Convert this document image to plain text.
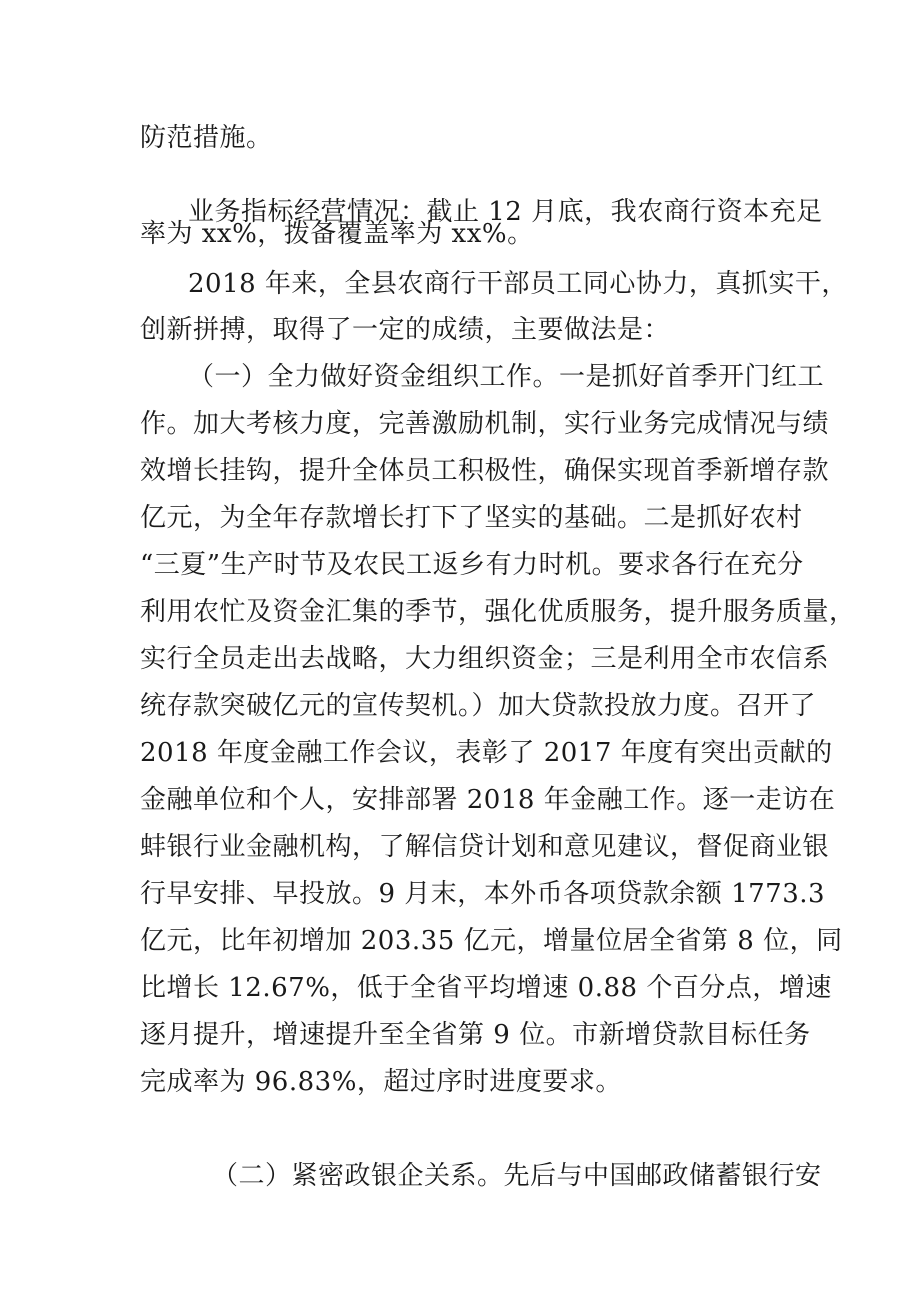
防范措施。
业务指标经营情况：截止 12 月底，我农商行资本充足
率为 xx%，拨备覆盖率为 xx%。
2018 年来，全县农商行干部员工同心协力，真抓实干，
创新拼搏，取得了一定的成绩，主要做法是：
（一）全力做好资金组织工作。一是抓好首季开门红工
作。加大考核力度，完善激励机制，实行业务完成情况与绩
效增长挂钩，提升全体员工积极性，确保实现首季新增存款
亿元，为全年存款增长打下了坚实的基础。二是抓好农村
“三夏”生产时节及农民工返乡有力时机。要求各行在充分
利用农忙及资金汇集的季节，强化优质服务，提升服务质量，
实行全员走出去战略，大力组织资金；三是利用全市农信系
统存款突破亿元的宣传契机。）加大贷款投放力度。召开了
2018 年度金融工作会议，表彰了 2017 年度有突出贡献的
金融单位和个人，安排部署 2018 年金融工作。逐一走访在
蚌银行业金融机构，了解信贷计划和意见建议，督促商业银
行早安排、早投放。9 月末，本外币各项贷款余额 1773.3
亿元，比年初增加 203.35 亿元，增量位居全省第 8 位，同
比增长 12.67%，低于全省平均增速 0.88 个百分点，增速
逐月提升，增速提升至全省第 9 位。市新增贷款目标任务
完成率为 96.83%，超过序时进度要求。
（二）紧密政银企关系。先后与中国邮政储蓄银行安
